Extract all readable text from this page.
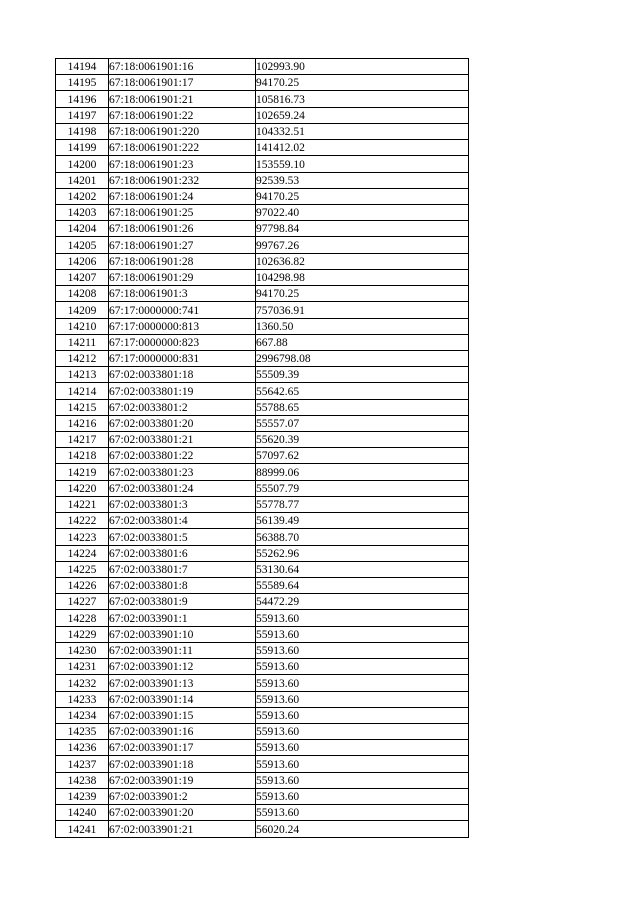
14194	67:18:0061901:16	102993.90
14195	67:18:0061901:17	94170.25
14196	67:18:0061901:21	105816.73
14197	67:18:0061901:22	102659.24
14198	67:18:0061901:220	104332.51
14199	67:18:0061901:222	141412.02
14200	67:18:0061901:23	153559.10
14201	67:18:0061901:232	92539.53
14202	67:18:0061901:24	94170.25
14203	67:18:0061901:25	97022.40
14204	67:18:0061901:26	97798.84
14205	67:18:0061901:27	99767.26
14206	67:18:0061901:28	102636.82
14207	67:18:0061901:29	104298.98
14208	67:18:0061901:3	94170.25
14209	67:17:0000000:741	757036.91
14210	67:17:0000000:813	1360.50
14211	67:17:0000000:823	667.88
14212	67:17:0000000:831	2996798.08
14213	67:02:0033801:18	55509.39
14214	67:02:0033801:19	55642.65
14215	67:02:0033801:2	55788.65
14216	67:02:0033801:20	55557.07
14217	67:02:0033801:21	55620.39
14218	67:02:0033801:22	57097.62
14219	67:02:0033801:23	88999.06
14220	67:02:0033801:24	55507.79
14221	67:02:0033801:3	55778.77
14222	67:02:0033801:4	56139.49
14223	67:02:0033801:5	56388.70
14224	67:02:0033801:6	55262.96
14225	67:02:0033801:7	53130.64
14226	67:02:0033801:8	55589.64
14227	67:02:0033801:9	54472.29
14228	67:02:0033901:1	55913.60
14229	67:02:0033901:10	55913.60
14230	67:02:0033901:11	55913.60
14231	67:02:0033901:12	55913.60
14232	67:02:0033901:13	55913.60
14233	67:02:0033901:14	55913.60
14234	67:02:0033901:15	55913.60
14235	67:02:0033901:16	55913.60
14236	67:02:0033901:17	55913.60
14237	67:02:0033901:18	55913.60
14238	67:02:0033901:19	55913.60
14239	67:02:0033901:2	55913.60
14240	67:02:0033901:20	55913.60
14241	67:02:0033901:21	56020.24
